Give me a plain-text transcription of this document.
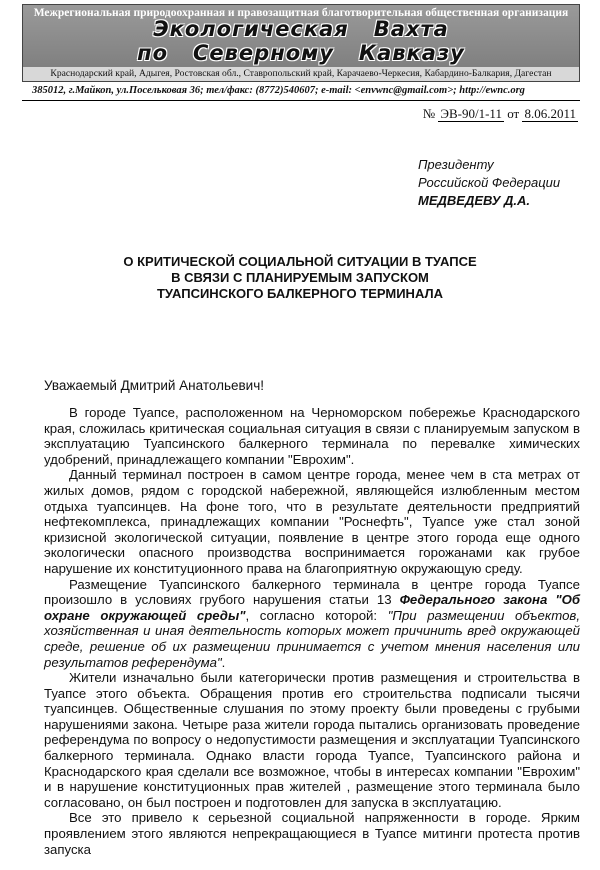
Межрегиональная природоохранная и правозащитная благотворительная общественная организация
Экологическая   Вахта
по   Северному   Кавказу
Краснодарский край, Адыгея, Ростовская обл., Ставропольский край, Карачаево-Черкесия, Кабардино-Балкария, Дагестан
385012, г.Майкоп, ул.Посельковая 36; тел/факс: (8772)540607; e-mail: <envwnc@gmail.com>; http://ewnc.org
№ ЭВ-90/1-11 от 8.06.2011
Президенту
Российской Федерации
МЕДВЕДЕВУ Д.А.
О КРИТИЧЕСКОЙ СОЦИАЛЬНОЙ СИТУАЦИИ В ТУАПСЕ
В СВЯЗИ С ПЛАНИРУЕМЫМ ЗАПУСКОМ
ТУАПСИНСКОГО БАЛКЕРНОГО ТЕРМИНАЛА
Уважаемый Дмитрий Анатольевич!

В городе Туапсе, расположенном на Черноморском побережье Краснодарского края, сложилась критическая социальная ситуация в связи с планируемым запуском в эксплуатацию Туапсинского балкерного терминала по перевалке химических удобрений, принадлежащего компании "Еврохим".

Данный терминал построен в самом центре города, менее чем в ста метрах от жилых домов, рядом с городской набережной, являющейся излюбленным местом отдыха туапсинцев. На фоне того, что в результате деятельности предприятий нефтекомплекса, принадлежащих компании "Роснефть", Туапсе уже стал зоной кризисной экологической ситуации, появление в центре этого города еще одного экологически опасного производства воспринимается горожанами как грубое нарушение их конституционного права на благоприятную окружающую среду.

Размещение Туапсинского балкерного терминала в центре города Туапсе произошло в условиях грубого нарушения статьи 13 Федерального закона "Об охране окружающей среды", согласно которой: "При размещении объектов, хозяйственная и иная деятельность которых может причинить вред окружающей среде, решение об их размещении принимается с учетом мнения населения или результатов референдума".

Жители изначально были категорически против размещения и строительства в Туапсе этого объекта. Обращения против его строительства подписали тысячи туапсинцев. Общественные слушания по этому проекту были проведены с грубыми нарушениями закона. Четыре раза жители города пытались организовать проведение референдума по вопросу о недопустимости размещения и эксплуатации Туапсинского балкерного терминала. Однако власти города Туапсе, Туапсинского района и Краснодарского края сделали все возможное, чтобы в интересах компании "Еврохим" и в нарушение конституционных прав жителей , размещение этого терминала было согласовано, он был построен и подготовлен для запуска в эксплуатацию.

Все это привело к серьезной социальной напряженности в городе. Ярким проявлением этого являются непрекращающиеся в Туапсе митинги протеста против запуска
